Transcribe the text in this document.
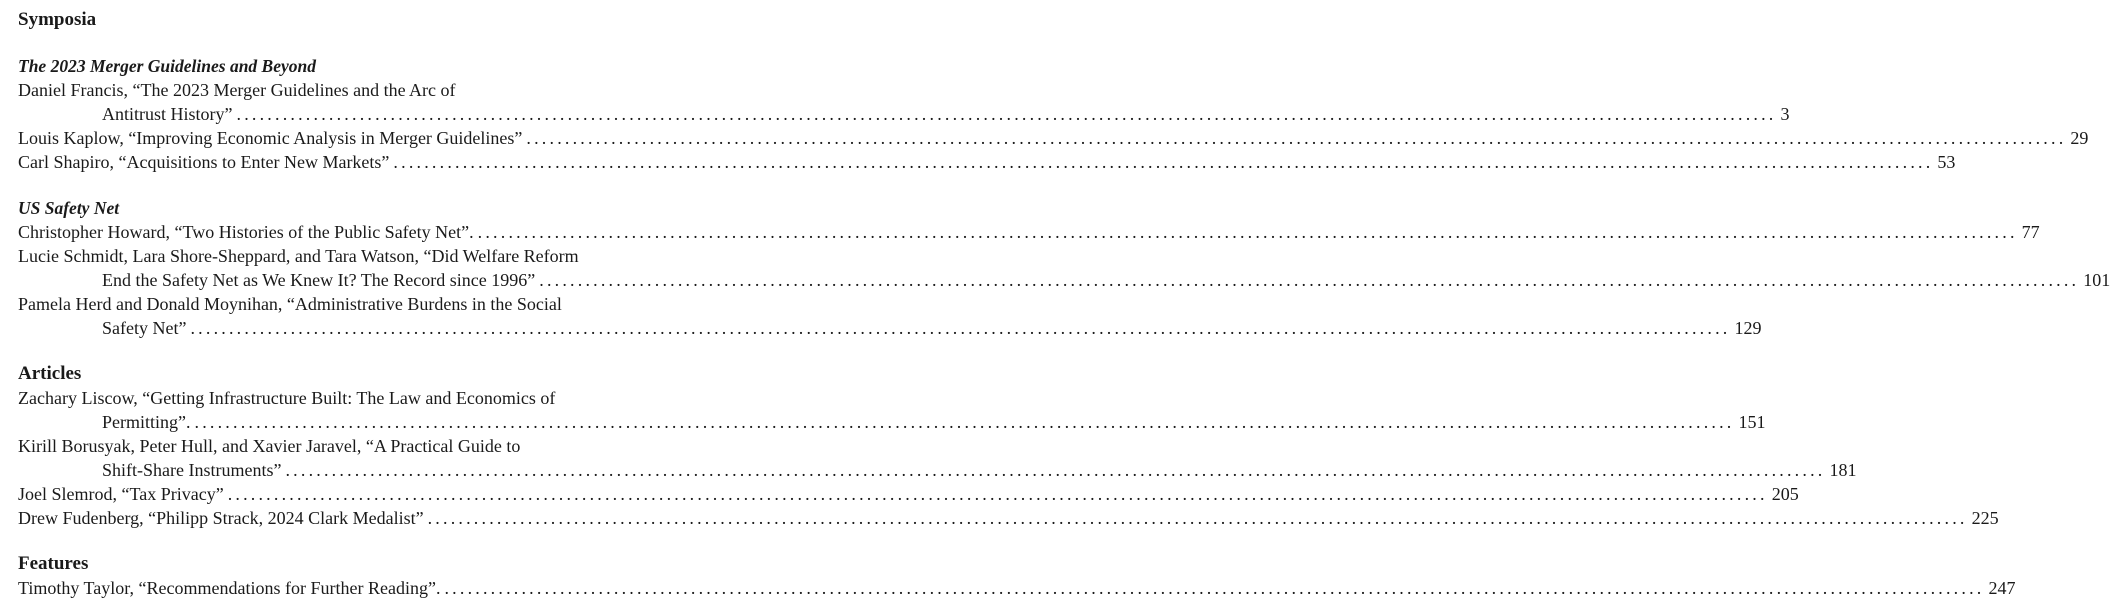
Symposia
The 2023 Merger Guidelines and Beyond
Daniel Francis, “The 2023 Merger Guidelines and the Arc of
Antitrust History” ........................................................................................................................................................................................................ 3
Louis Kaplow, “Improving Economic Analysis in Merger Guidelines” ........................................................................................................................................................................................................ 29
Carl Shapiro, “Acquisitions to Enter New Markets” ........................................................................................................................................................................................................ 53
US Safety Net
Christopher Howard, “Two Histories of the Public Safety Net”. ........................................................................................................................................................................................................ 77
Lucie Schmidt, Lara Shore-Sheppard, and Tara Watson, “Did Welfare Reform
End the Safety Net as We Knew It? The Record since 1996” ........................................................................................................................................................................................................ 101
Pamela Herd and Donald Moynihan, “Administrative Burdens in the Social
Safety Net” ........................................................................................................................................................................................................ 129
Articles
Zachary Liscow, “Getting Infrastructure Built: The Law and Economics of
Permitting”. ........................................................................................................................................................................................................ 151
Kirill Borusyak, Peter Hull, and Xavier Jaravel, “A Practical Guide to
Shift-Share Instruments” ........................................................................................................................................................................................................ 181
Joel Slemrod, “Tax Privacy” ........................................................................................................................................................................................................ 205
Drew Fudenberg, “Philipp Strack, 2024 Clark Medalist” ........................................................................................................................................................................................................ 225
Features
Timothy Taylor, “Recommendations for Further Reading”. ........................................................................................................................................................................................................ 247
